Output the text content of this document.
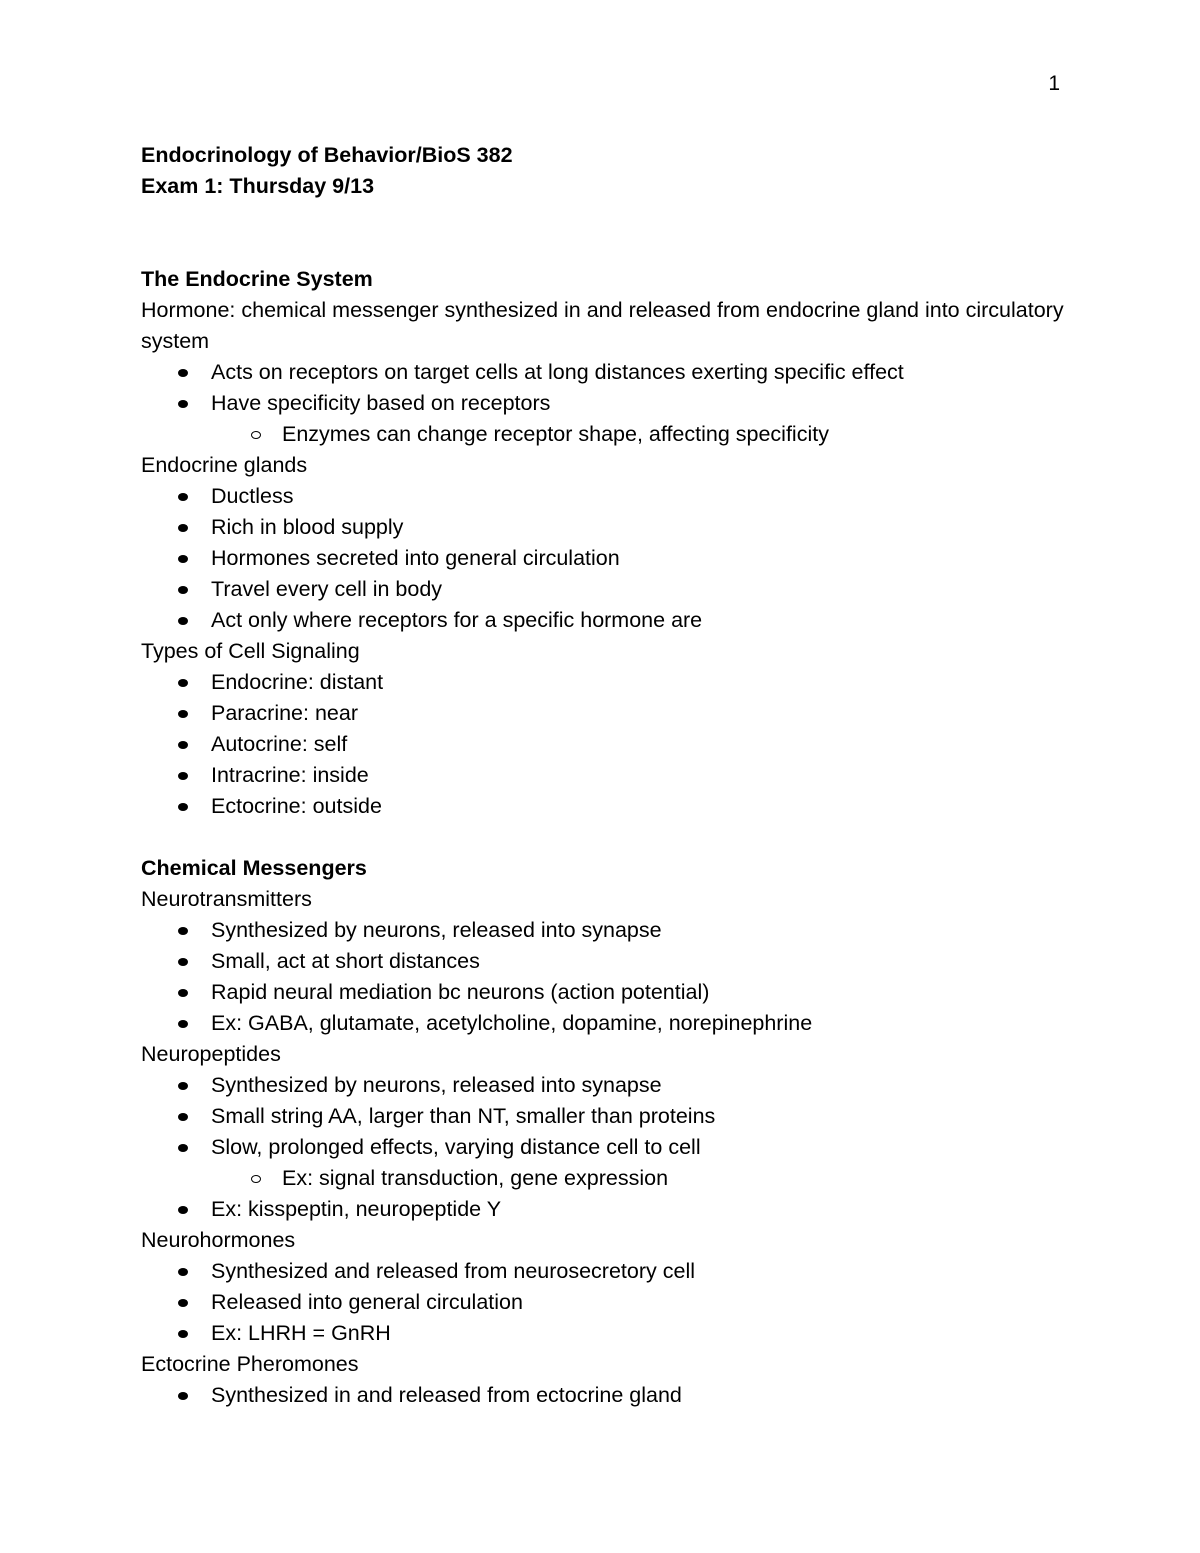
1
Endocrinology of Behavior/BioS 382
Exam 1: Thursday 9/13
The Endocrine System
Hormone: chemical messenger synthesized in and released from endocrine gland into circulatory system
Acts on receptors on target cells at long distances exerting specific effect
Have specificity based on receptors
Enzymes can change receptor shape, affecting specificity
Endocrine glands
Ductless
Rich in blood supply
Hormones secreted into general circulation
Travel every cell in body
Act only where receptors for a specific hormone are
Types of Cell Signaling
Endocrine: distant
Paracrine: near
Autocrine: self
Intracrine: inside
Ectocrine: outside
Chemical Messengers
Neurotransmitters
Synthesized by neurons, released into synapse
Small, act at short distances
Rapid neural mediation bc neurons (action potential)
Ex: GABA, glutamate, acetylcholine, dopamine, norepinephrine
Neuropeptides
Synthesized by neurons, released into synapse
Small string AA, larger than NT, smaller than proteins
Slow, prolonged effects, varying distance cell to cell
Ex: signal transduction, gene expression
Ex: kisspeptin, neuropeptide Y
Neurohormones
Synthesized and released from neurosecretory cell
Released into general circulation
Ex: LHRH = GnRH
Ectocrine Pheromones
Synthesized in and released from ectocrine gland
